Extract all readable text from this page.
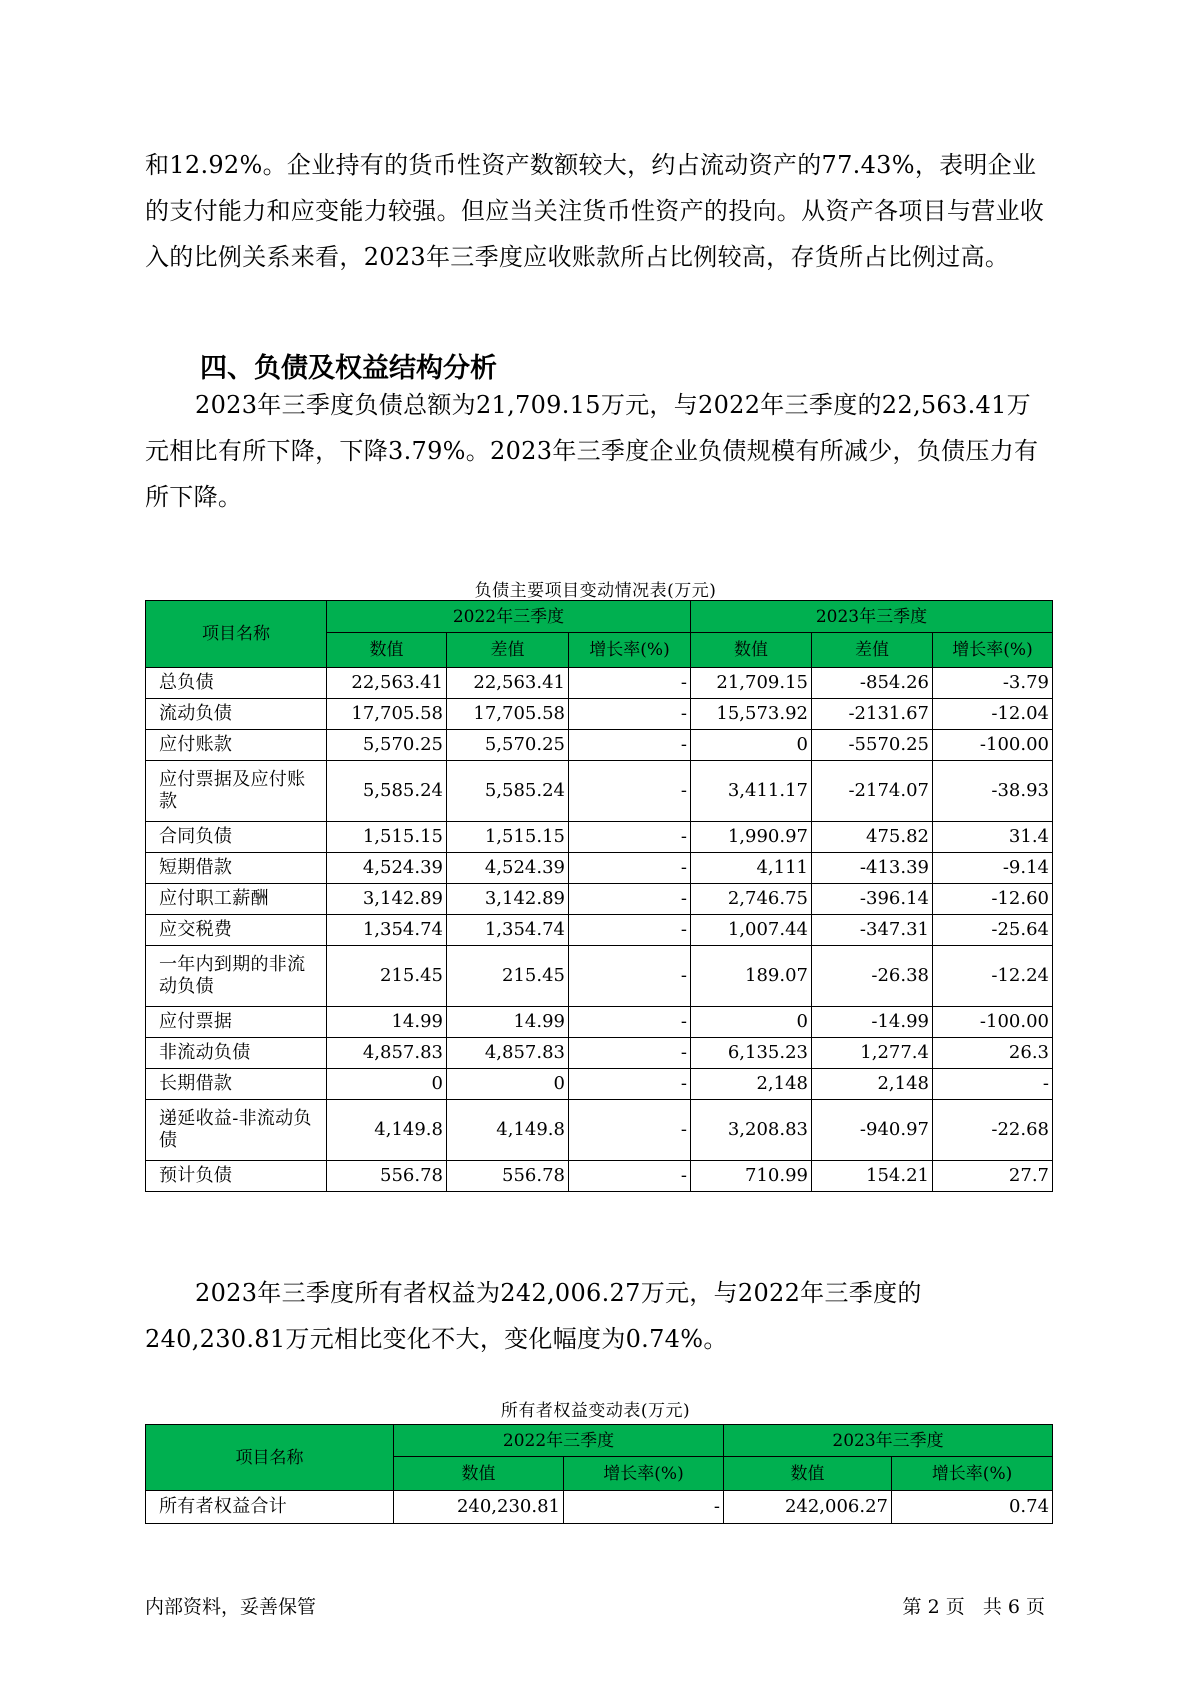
和12.92%。企业持有的货币性资产数额较大，约占流动资产的77.43%，表明企业的支付能力和应变能力较强。但应当关注货币性资产的投向。从资产各项目与营业收入的比例关系来看，2023年三季度应收账款所占比例较高，存货所占比例过高。

四、负债及权益结构分析

2023年三季度负债总额为21,709.15万元，与2022年三季度的22,563.41万元相比有所下降，下降3.79%。2023年三季度企业负债规模有所减少，负债压力有所下降。

负债主要项目变动情况表(万元)

项目名称	2022年三季度			2023年三季度		
	数值	差值	增长率(%)	数值	差值	增长率(%)
总负债	22,563.41	22,563.41	-	21,709.15	-854.26	-3.79
流动负债	17,705.58	17,705.58	-	15,573.92	-2131.67	-12.04
应付账款	5,570.25	5,570.25	-	0	-5570.25	-100.00
应付票据及应付账款	5,585.24	5,585.24	-	3,411.17	-2174.07	-38.93
合同负债	1,515.15	1,515.15	-	1,990.97	475.82	31.4
短期借款	4,524.39	4,524.39	-	4,111	-413.39	-9.14
应付职工薪酬	3,142.89	3,142.89	-	2,746.75	-396.14	-12.60
应交税费	1,354.74	1,354.74	-	1,007.44	-347.31	-25.64
一年内到期的非流动负债	215.45	215.45	-	189.07	-26.38	-12.24
应付票据	14.99	14.99	-	0	-14.99	-100.00
非流动负债	4,857.83	4,857.83	-	6,135.23	1,277.4	26.3
长期借款	0	0	-	2,148	2,148	-
递延收益-非流动负债	4,149.8	4,149.8	-	3,208.83	-940.97	-22.68
预计负债	556.78	556.78	-	710.99	154.21	27.7

2023年三季度所有者权益为242,006.27万元，与2022年三季度的240,230.81万元相比变化不大，变化幅度为0.74%。

所有者权益变动表(万元)

项目名称	2022年三季度		2023年三季度	
	数值	增长率(%)	数值	增长率(%)
所有者权益合计	240,230.81	-	242,006.27	0.74

内部资料，妥善保管	第 2 页   共 6 页
